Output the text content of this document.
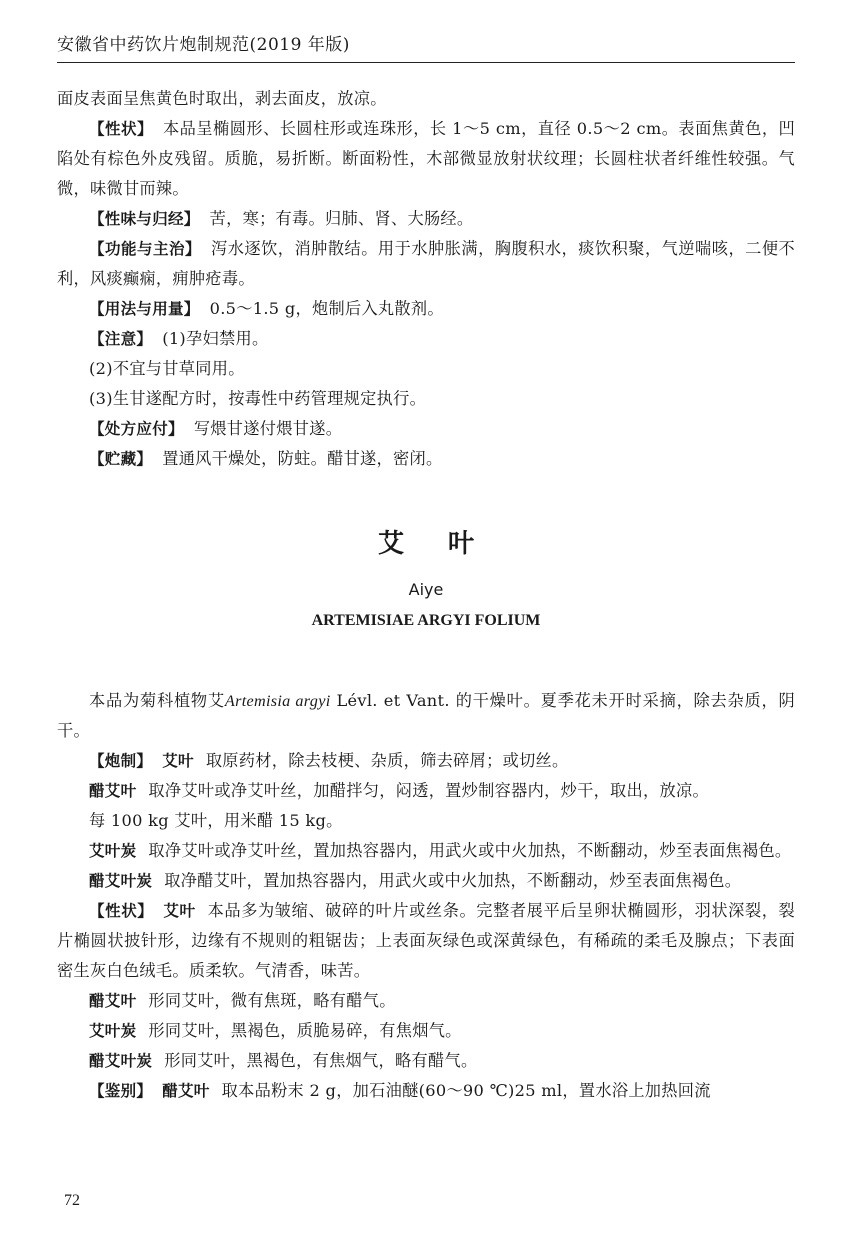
安徽省中药饮片炮制规范(2019 年版)

面皮表面呈焦黄色时取出，剥去面皮，放凉。

【性状】 本品呈椭圆形、长圆柱形或连珠形，长 1～5 cm，直径 0.5～2 cm。表面焦黄色，凹陷处有棕色外皮残留。质脆，易折断。断面粉性，木部微显放射状纹理；长圆柱状者纤维性较强。气微，味微甘而辣。

【性味与归经】 苦，寒；有毒。归肺、肾、大肠经。

【功能与主治】 泻水逐饮，消肿散结。用于水肿胀满，胸腹积水，痰饮积聚，气逆喘咳，二便不利，风痰癫痫，痈肿疮毒。

【用法与用量】 0.5～1.5 g，炮制后入丸散剂。

【注意】 (1)孕妇禁用。

(2)不宜与甘草同用。

(3)生甘遂配方时，按毒性中药管理规定执行。

【处方应付】 写煨甘遂付煨甘遂。

【贮藏】 置通风干燥处，防蛀。醋甘遂，密闭。

艾叶
Aiye
ARTEMISIAE ARGYI FOLIUM

本品为菊科植物艾Artemisia argyi Lévl. et Vant. 的干燥叶。夏季花未开时采摘，除去杂质，阴干。

【炮制】 艾叶 取原药材，除去枝梗、杂质，筛去碎屑；或切丝。

醋艾叶 取净艾叶或净艾叶丝，加醋拌匀，闷透，置炒制容器内，炒干，取出，放凉。

每 100 kg 艾叶，用米醋 15 kg。

艾叶炭 取净艾叶或净艾叶丝，置加热容器内，用武火或中火加热，不断翻动，炒至表面焦褐色。

醋艾叶炭 取净醋艾叶，置加热容器内，用武火或中火加热，不断翻动，炒至表面焦褐色。

【性状】 艾叶 本品多为皱缩、破碎的叶片或丝条。完整者展平后呈卵状椭圆形，羽状深裂，裂片椭圆状披针形，边缘有不规则的粗锯齿；上表面灰绿色或深黄绿色，有稀疏的柔毛及腺点；下表面密生灰白色绒毛。质柔软。气清香，味苦。

醋艾叶 形同艾叶，微有焦斑，略有醋气。

艾叶炭 形同艾叶，黑褐色，质脆易碎，有焦烟气。

醋艾叶炭 形同艾叶，黑褐色，有焦烟气，略有醋气。

【鉴别】 醋艾叶 取本品粉末 2 g，加石油醚(60～90 ℃)25 ml，置水浴上加热回流

72
